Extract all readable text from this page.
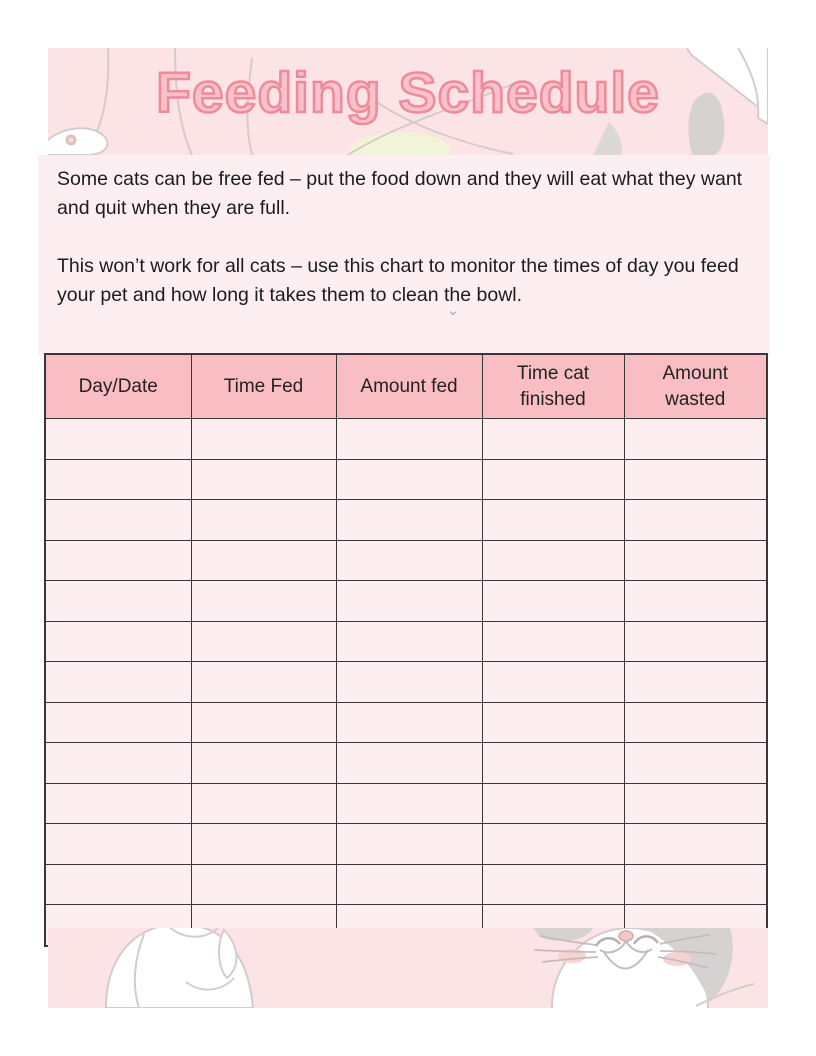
Feeding Schedule

Some cats can be free fed – put the food down and they will eat what they want and quit when they are full.

This won’t work for all cats – use this chart to monitor the times of day you feed your pet and how long it takes them to clean the bowl.

⌄
Day/Date	Time Fed	Amount fed	Time cat finished	Amount wasted
